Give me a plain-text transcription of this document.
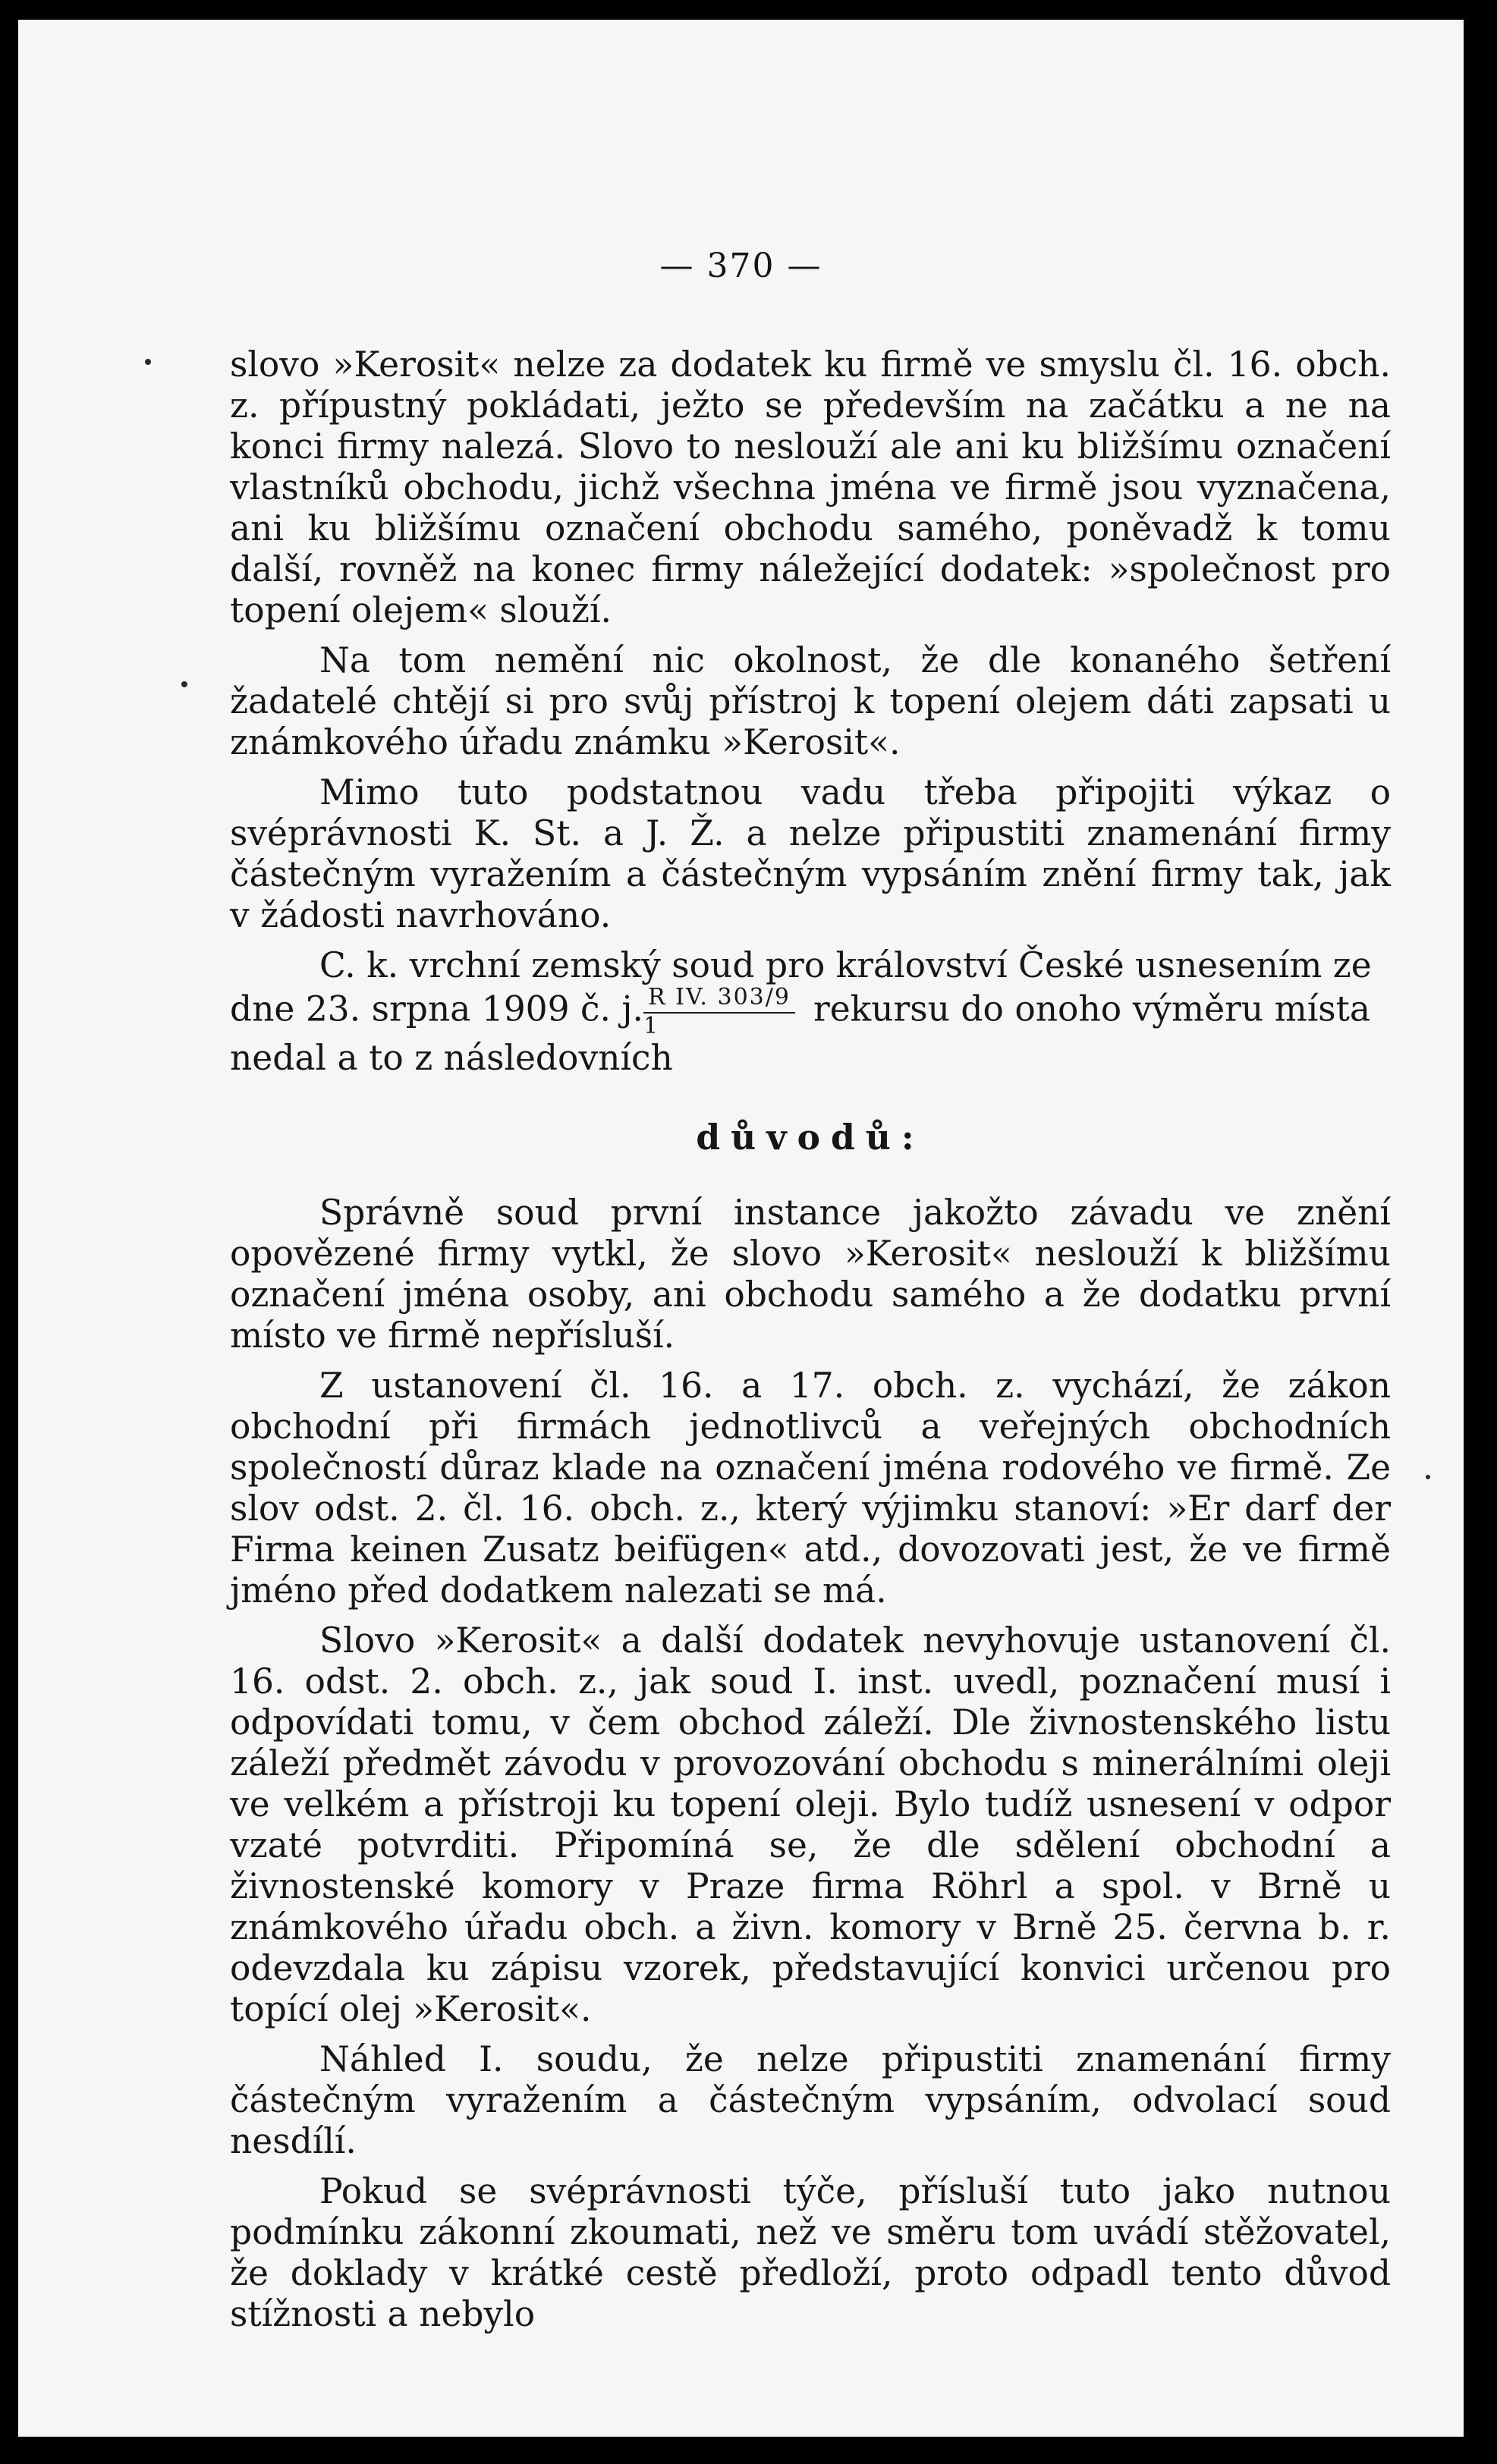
— 370 —

slovo »Kerosit« nelze za dodatek ku firmě ve smyslu čl. 16. obch. z. přípustný pokládati, ježto se především na začátku a ne na konci firmy nalezá. Slovo to neslouží ale ani ku bližšímu označení vlastníků obchodu, jichž všechna jména ve firmě jsou vyznačena, ani ku bližšímu označení obchodu samého, poněvadž k tomu další, rovněž na konec firmy náležející dodatek: »společnost pro topení olejem« slouží.

Na tom nemění nic okolnost, že dle konaného šetření žadatelé chtějí si pro svůj přístroj k topení olejem dáti zapsati u známkového úřadu známku »Kerosit«.

Mimo tuto podstatnou vadu třeba připojiti výkaz o svéprávnosti K. St. a J. Ž. a nelze připustiti znamenání firmy částečným vyražením a částečným vypsáním znění firmy tak, jak v žádosti navrhováno.

C. k. vrchní zemský soud pro království České usnesením ze

dne 23. srpna 1909 č. j. $\frac{\text{R IV. 303/9}}{1}$ rekursu do onoho výměru místa

nedal a to z následovních

důvodů:

Správně soud první instance jakožto závadu ve znění opovězené firmy vytkl, že slovo »Kerosit« neslouží k bližšímu označení jména osoby, ani obchodu samého a že dodatku první místo ve firmě nepřísluší.

Z ustanovení čl. 16. a 17. obch. z. vychází, že zákon obchodní při firmách jednotlivců a veřejných obchodních společností důraz klade na označení jména rodového ve firmě. Ze slov odst. 2. čl. 16. obch. z., který výjimku stanoví: »Er darf der Firma keinen Zusatz beifügen« atd., dovozovati jest, že ve firmě jméno před dodatkem nalezati se má.

Slovo »Kerosit« a další dodatek nevyhovuje ustanovení čl. 16. odst. 2. obch. z., jak soud I. inst. uvedl, poznačení musí i odpovídati tomu, v čem obchod záleží. Dle živnostenského listu záleží předmět závodu v provozování obchodu s minerálními oleji ve velkém a přístroji ku topení oleji. Bylo tudíž usnesení v odpor vzaté potvrditi. Připomíná se, že dle sdělení obchodní a živnostenské komory v Praze firma Röhrl a spol. v Brně u známkového úřadu obch. a živn. komory v Brně 25. června b. r. odevzdala ku zápisu vzorek, představující konvici určenou pro topící olej »Kerosit«.

Náhled I. soudu, že nelze připustiti znamenání firmy částečným vyražením a částečným vypsáním, odvolací soud nesdílí.

Pokud se svéprávnosti týče, přísluší tuto jako nutnou podmínku zákonní zkoumati, než ve směru tom uvádí stěžovatel, že doklady v krátké cestě předloží, proto odpadl tento důvod stížnosti a nebylo
